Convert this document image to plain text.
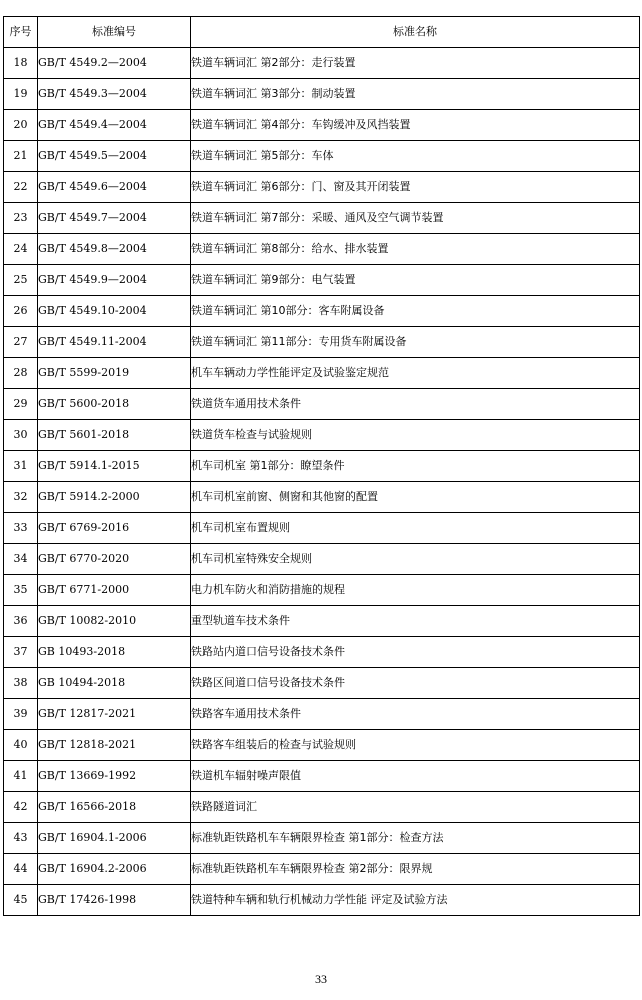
序号	标准编号	标准名称
18	GB/T 4549.2—2004	铁道车辆词汇 第2部分：走行装置
19	GB/T 4549.3—2004	铁道车辆词汇 第3部分：制动装置
20	GB/T 4549.4—2004	铁道车辆词汇 第4部分：车钩缓冲及风挡装置
21	GB/T 4549.5—2004	铁道车辆词汇 第5部分：车体
22	GB/T 4549.6—2004	铁道车辆词汇 第6部分：门、窗及其开闭装置
23	GB/T 4549.7—2004	铁道车辆词汇 第7部分：采暖、通风及空气调节装置
24	GB/T 4549.8—2004	铁道车辆词汇 第8部分：给水、排水装置
25	GB/T 4549.9—2004	铁道车辆词汇 第9部分：电气装置
26	GB/T 4549.10-2004	铁道车辆词汇 第10部分：客车附属设备
27	GB/T 4549.11-2004	铁道车辆词汇 第11部分：专用货车附属设备
28	GB/T 5599-2019	机车车辆动力学性能评定及试验鉴定规范
29	GB/T 5600-2018	铁道货车通用技术条件
30	GB/T 5601-2018	铁道货车检查与试验规则
31	GB/T 5914.1-2015	机车司机室 第1部分：瞭望条件
32	GB/T 5914.2-2000	机车司机室前窗、侧窗和其他窗的配置
33	GB/T 6769-2016	机车司机室布置规则
34	GB/T 6770-2020	机车司机室特殊安全规则
35	GB/T 6771-2000	电力机车防火和消防措施的规程
36	GB/T 10082-2010	重型轨道车技术条件
37	GB 10493-2018	铁路站内道口信号设备技术条件
38	GB 10494-2018	铁路区间道口信号设备技术条件
39	GB/T 12817-2021	铁路客车通用技术条件
40	GB/T 12818-2021	铁路客车组装后的检查与试验规则
41	GB/T 13669-1992	铁道机车辐射噪声限值
42	GB/T 16566-2018	铁路隧道词汇
43	GB/T 16904.1-2006	标准轨距铁路机车车辆限界检查 第1部分：检查方法
44	GB/T 16904.2-2006	标准轨距铁路机车车辆限界检查 第2部分：限界规
45	GB/T 17426-1998	铁道特种车辆和轨行机械动力学性能 评定及试验方法
33
